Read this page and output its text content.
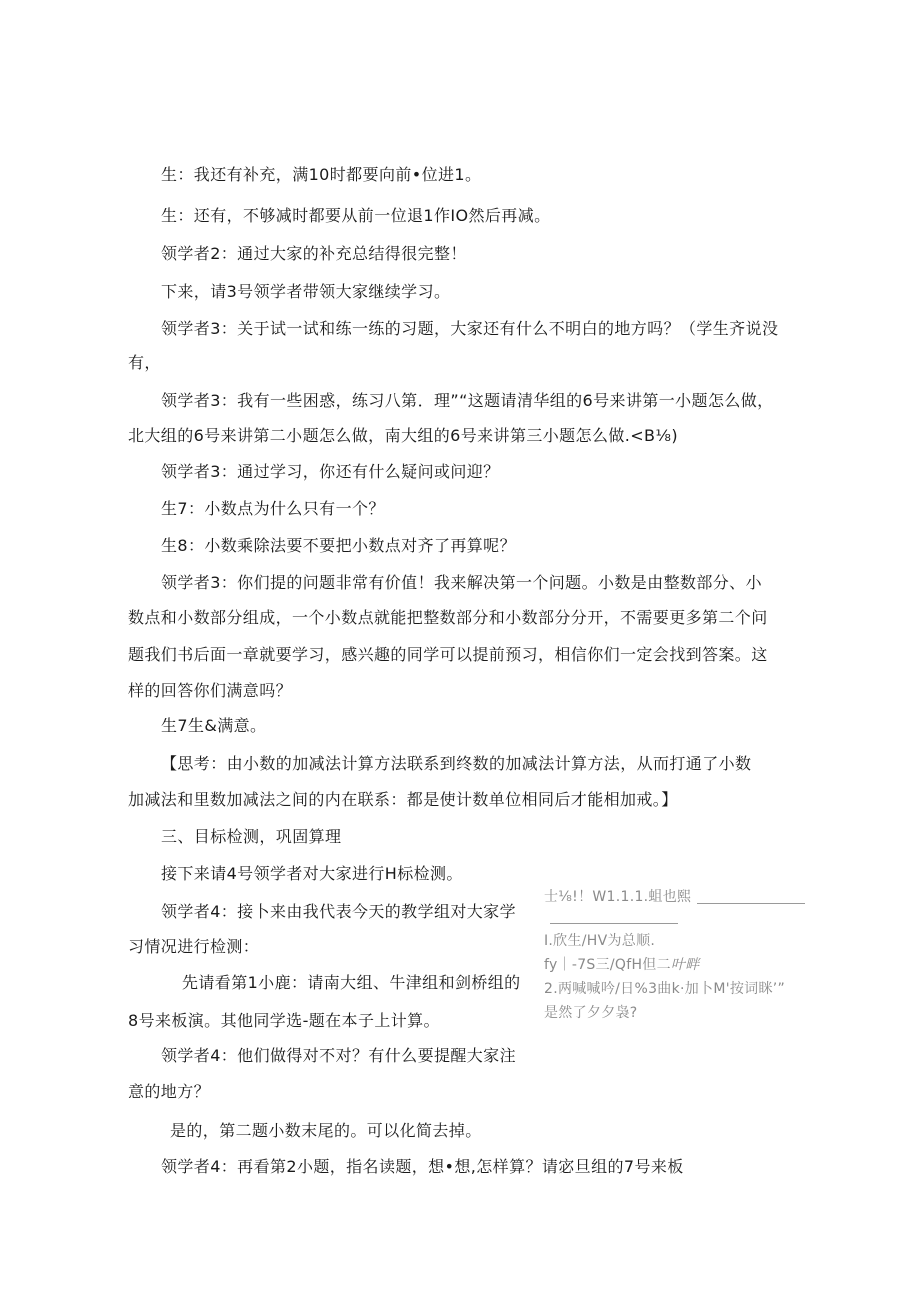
生：我还有补充，满10时都要向前•位进1。
生：还有，不够减时都要从前一位退1作IO然后再减。
领学者2：通过大家的补充总结得很完整！
下来，请3号领学者带领大家继续学习。
领学者3：关于试一试和练一练的习题，大家还有什么不明白的地方吗？（学生齐说没
有，
领学者3：我有一些困惑，练习八第．理”“这题请清华组的6号来讲第一小题怎么做，
北大组的6号来讲第二小题怎么做，南大组的6号来讲第三小题怎么做.<B⅛)
领学者3：通过学习，你还有什么疑问或问迎？
生7：小数点为什么只有一个？
生8：小数乘除法要不要把小数点对齐了再算呢？
领学者3：你们提的问题非常有价值！我来解决第一个问题。小数是由整数部分、小
数点和小数部分组成，一个小数点就能把整数部分和小数部分分开，不需要更多第二个问
题我们书后面一章就要学习，感兴趣的同学可以提前预习，相信你们一定会找到答案。这
样的回答你们满意吗？
生7生&满意。
【思考：由小数的加减法计算方法联系到终数的加减法计算方法，从而打通了小数
加减法和里数加减法之间的内在联系：都是使计数单位相同后才能相加戒。】
三、目标检测，巩固算理
接下来请4号领学者对大家进行H标检测。
领学者4：接卜来由我代表今天的教学组对大家学
习情况进行检测：
先请看第1小鹿：请南大组、牛津组和剑桥组的
8号来板演。其他同学选-题在本子上计算。
领学者4：他们做得对不对？有什么要提醒大家注
意的地方？
是的，第二题小数末尾的。可以化简去掉。
领学者4：再看第2小题，指名读题，想•想,怎样算？请宓旦组的7号来板
士⅛!！W1.1.1.蛆也熙
I.欣生/HV为总顺.
fy｜-7S三/QfH但二叶畔
2.两喊喊吟/日%3曲k·加卜M'按词眯’”
是然了夕夕袅?
